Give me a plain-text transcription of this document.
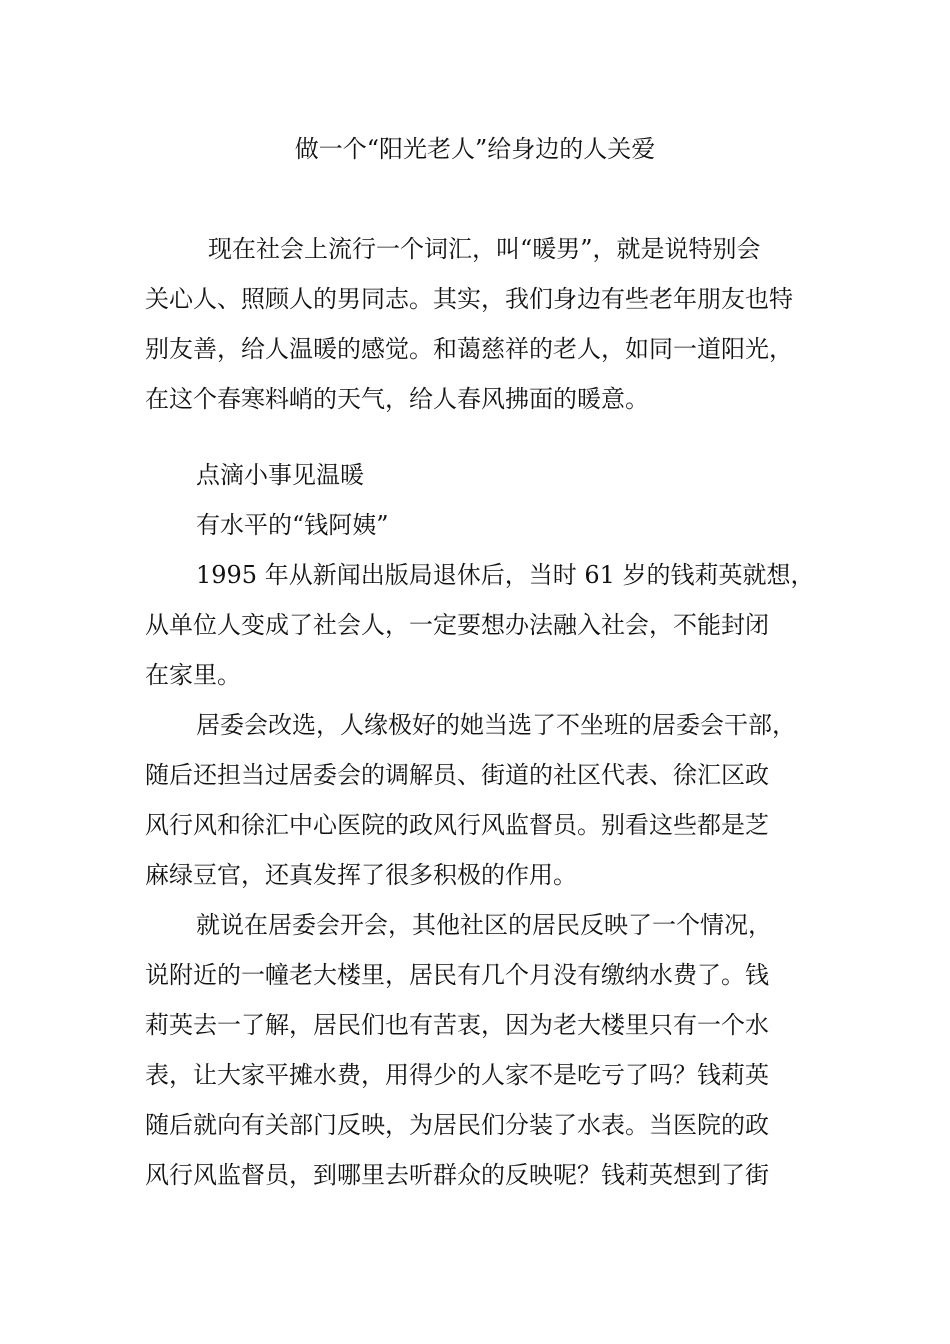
做一个“阳光老人”给身边的人关爱
现在社会上流行一个词汇，叫“暖男”，就是说特别会
关心人、照顾人的男同志。其实，我们身边有些老年朋友也特
别友善，给人温暖的感觉。和蔼慈祥的老人，如同一道阳光，
在这个春寒料峭的天气，给人春风拂面的暖意。
点滴小事见温暖
有水平的“钱阿姨”
1995 年从新闻出版局退休后，当时 61 岁的钱莉英就想，
从单位人变成了社会人，一定要想办法融入社会，不能封闭
在家里。
居委会改选，人缘极好的她当选了不坐班的居委会干部，
随后还担当过居委会的调解员、街道的社区代表、徐汇区政
风行风和徐汇中心医院的政风行风监督员。别看这些都是芝
麻绿豆官，还真发挥了很多积极的作用。
就说在居委会开会，其他社区的居民反映了一个情况，
说附近的一幢老大楼里，居民有几个月没有缴纳水费了。钱
莉英去一了解，居民们也有苦衷，因为老大楼里只有一个水
表，让大家平摊水费，用得少的人家不是吃亏了吗？钱莉英
随后就向有关部门反映，为居民们分装了水表。当医院的政
风行风监督员，到哪里去听群众的反映呢？钱莉英想到了街
